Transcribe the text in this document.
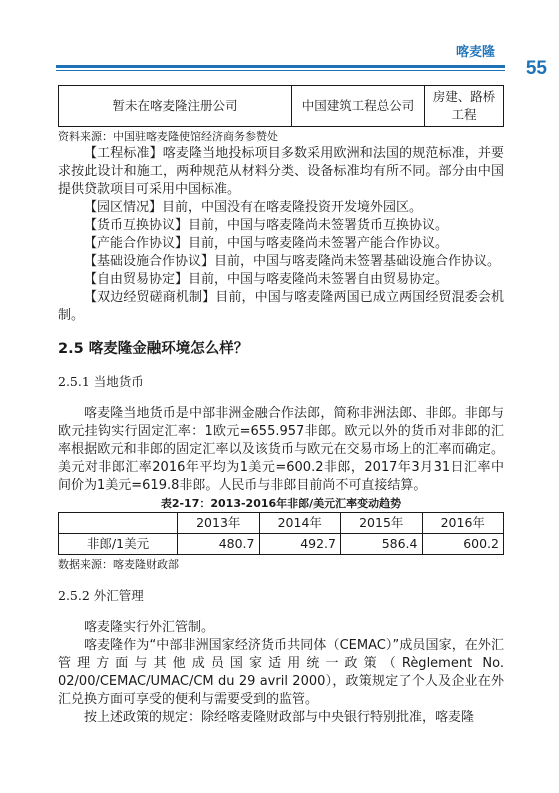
喀麦隆
55
暂未在喀麦隆注册公司	中国建筑工程总公司	房建、路桥工程
资料来源：中国驻喀麦隆使馆经济商务参赞处

【工程标准】喀麦隆当地投标项目多数采用欧洲和法国的规范标准，并要求按此设计和施工，两种规范从材料分类、设备标准均有所不同。部分由中国提供贷款项目可采用中国标准。

【园区情况】目前，中国没有在喀麦隆投资开发境外园区。

【货币互换协议】目前，中国与喀麦隆尚未签署货币互换协议。

【产能合作协议】目前，中国与喀麦隆尚未签署产能合作协议。

【基础设施合作协议】目前，中国与喀麦隆尚未签署基础设施合作协议。

【自由贸易协定】目前，中国与喀麦隆尚未签署自由贸易协定。

【双边经贸磋商机制】目前，中国与喀麦隆两国已成立两国经贸混委会机制。

2.5 喀麦隆金融环境怎么样？
2.5.1 当地货币

喀麦隆当地货币是中部非洲金融合作法郎，简称非洲法郎、非郎。非郎与欧元挂钩实行固定汇率：1欧元=655.957非郎。欧元以外的货币对非郎的汇率根据欧元和非郎的固定汇率以及该货币与欧元在交易市场上的汇率而确定。美元对非郎汇率2016年平均为1美元=600.2非郎，2017年3月31日汇率中间价为1美元=619.8非郎。人民币与非郎目前尚不可直接结算。

表2-17：2013-2016年非郎/美元汇率变动趋势
	2013年	2014年	2015年	2016年
非郎/1美元	480.7	492.7	586.4	600.2
数据来源：喀麦隆财政部
2.5.2 外汇管理

喀麦隆实行外汇管制。

喀麦隆作为“中部非洲国家经济货币共同体（CEMAC）”成员国家，在外汇管理方面与其他成员国家适用统一政策（Règlement No. 02/00/CEMAC/UMAC/CM du 29 avril 2000），政策规定了个人及企业在外汇兑换方面可享受的便利与需要受到的监管。

按上述政策的规定：除经喀麦隆财政部与中央银行特别批准，喀麦隆
